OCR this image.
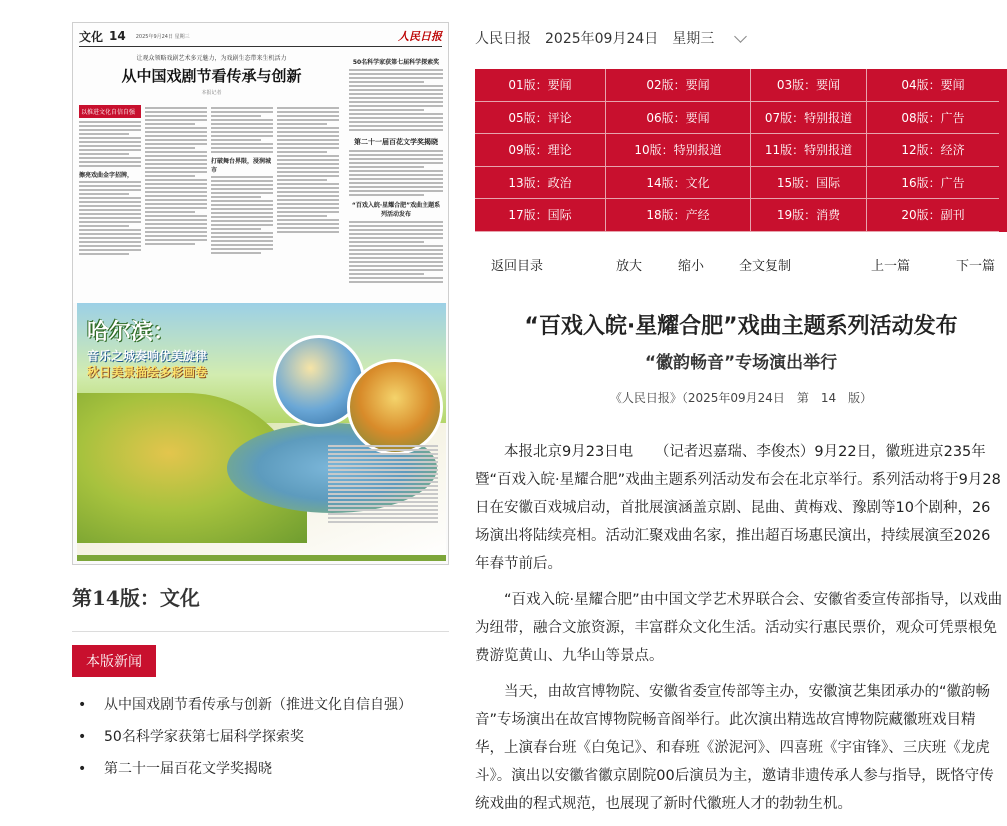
文化 14 2025年9月24日 星期三	人民日报
让观众领略戏剧艺术多元魅力，为戏剧生态带来生机活力
从中国戏剧节看传承与创新
本报记者
以推进文化自信自强
擦亮戏曲金字招牌，
打破舞台界限，浸润城市
50名科学家获第七届科学探索奖
第二十一届百花文学奖揭晓
“百戏入皖·星耀合肥”戏曲主题系列活动发布
哈尔滨：
音乐之城奏响优美旋律
秋日美景描绘多彩画卷
第14版：文化
本版新闻
• 从中国戏剧节看传承与创新（推进文化自信自强）
• 50名科学家获第七届科学探索奖
• 第二十一届百花文学奖揭晓
人民日报 2025年09月24日 星期三
01版：要闻	02版：要闻	03版：要闻	04版：要闻
05版：评论	06版：要闻	07版：特别报道	08版：广告
09版：理论	10版：特别报道	11版：特别报道	12版：经济
13版：政治	14版：文化	15版：国际	16版：广告
17版：国际	18版：产经	19版：消费	20版：副刊
返回目录	放大	缩小	全文复制	上一篇	下一篇
“百戏入皖·星耀合肥”戏曲主题系列活动发布
“徽韵畅音”专场演出举行
《人民日报》（2025年09月24日　第　14　版）

本报北京9月23日电　　（记者迟嘉瑞、李俊杰）9月22日，徽班进京235年暨“百戏入皖·星耀合肥”戏曲主题系列活动发布会在北京举行。系列活动将于9月28日在安徽百戏城启动，首批展演涵盖京剧、昆曲、黄梅戏、豫剧等10个剧种，26场演出将陆续亮相。活动汇聚戏曲名家，推出超百场惠民演出，持续展演至2026年春节前后。

“百戏入皖·星耀合肥”由中国文学艺术界联合会、安徽省委宣传部指导，以戏曲为纽带，融合文旅资源，丰富群众文化生活。活动实行惠民票价，观众可凭票根免费游览黄山、九华山等景点。

当天，由故宫博物院、安徽省委宣传部等主办，安徽演艺集团承办的“徽韵畅音”专场演出在故宫博物院畅音阁举行。此次演出精选故宫博物院藏徽班戏目精华，上演春台班《白兔记》、和春班《淤泥河》、四喜班《宇宙锋》、三庆班《龙虎斗》。演出以安徽省徽京剧院00后演员为主，邀请非遗传承人参与指导，既恪守传统戏曲的程式规范，也展现了新时代徽班人才的勃勃生机。
